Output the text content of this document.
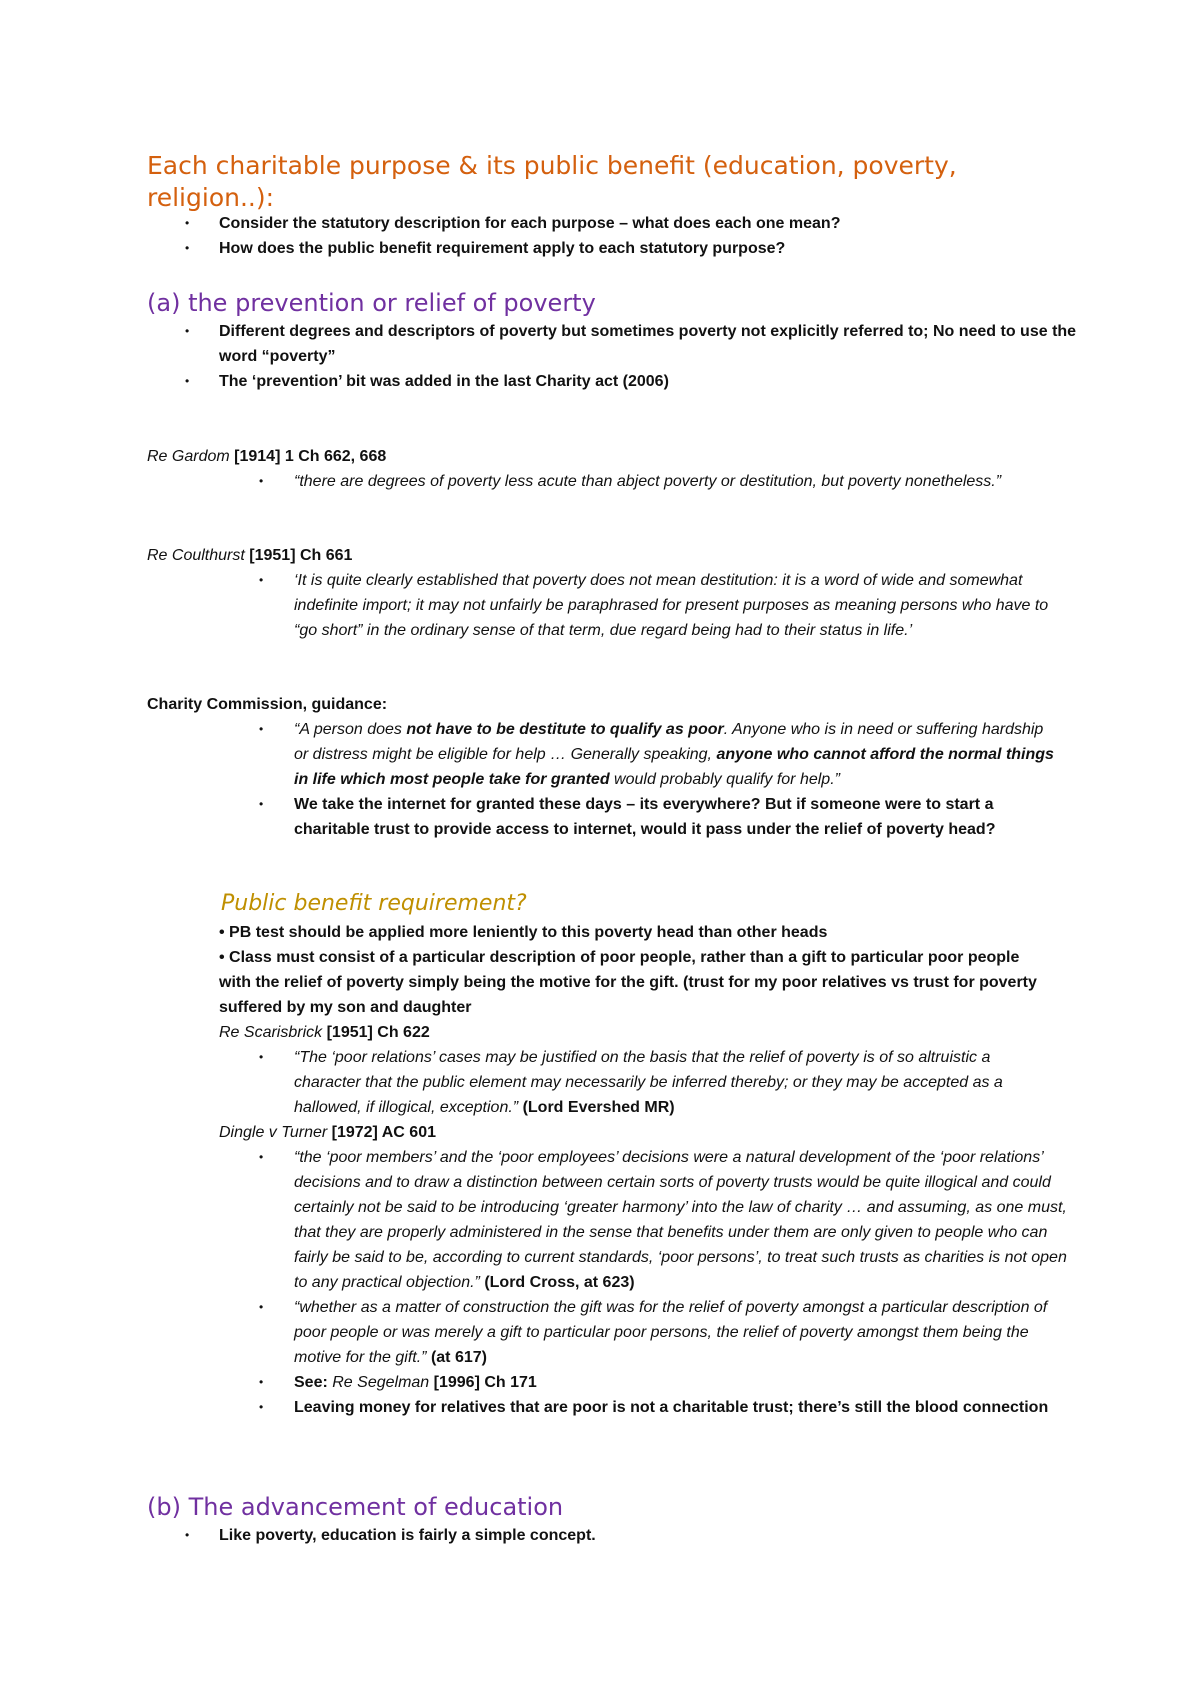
Each charitable purpose & its public benefit (education, poverty, religion..):
• Consider the statutory description for each purpose – what does each one mean?
• How does the public benefit requirement apply to each statutory purpose?
(a) the prevention or relief of poverty
• Different degrees and descriptors of poverty but sometimes poverty not explicitly referred to; No need to use the word “poverty”
• The ‘prevention’ bit was added in the last Charity act (2006)

Re Gardom [1914] 1 Ch 662, 668

• “there are degrees of poverty less acute than abject poverty or destitution, but poverty nonetheless.”

Re Coulthurst [1951] Ch 661

• ‘It is quite clearly established that poverty does not mean destitution: it is a word of wide and somewhat indefinite import; it may not unfairly be paraphrased for present purposes as meaning persons who have to “go short” in the ordinary sense of that term, due regard being had to their status in life.’

Charity Commission, guidance:

• “A person does not have to be destitute to qualify as poor. Anyone who is in need or suffering hardship or distress might be eligible for help … Generally speaking, anyone who cannot afford the normal things in life which most people take for granted would probably qualify for help.”
• We take the internet for granted these days – its everywhere? But if someone were to start a charitable trust to provide access to internet, would it pass under the relief of poverty head?
Public benefit requirement?

• PB test should be applied more leniently to this poverty head than other heads

• Class must consist of a particular description of poor people, rather than a gift to particular poor people with the relief of poverty simply being the motive for the gift. (trust for my poor relatives vs trust for poverty suffered by my son and daughter

Re Scarisbrick [1951] Ch 622

• “The ‘poor relations’ cases may be justified on the basis that the relief of poverty is of so altruistic a character that the public element may necessarily be inferred thereby; or they may be accepted as a hallowed, if illogical, exception.” (Lord Evershed MR)

Dingle v Turner [1972] AC 601

• “the ‘poor members’ and the ‘poor employees’ decisions were a natural development of the ‘poor relations’ decisions and to draw a distinction between certain sorts of poverty trusts would be quite illogical and could certainly not be said to be introducing ‘greater harmony’ into the law of charity … and assuming, as one must, that they are properly administered in the sense that benefits under them are only given to people who can fairly be said to be, according to current standards, ‘poor persons’, to treat such trusts as charities is not open to any practical objection.” (Lord Cross, at 623)
• “whether as a matter of construction the gift was for the relief of poverty amongst a particular description of poor people or was merely a gift to particular poor persons, the relief of poverty amongst them being the motive for the gift.” (at 617)
• See: Re Segelman [1996] Ch 171
• Leaving money for relatives that are poor is not a charitable trust; there’s still the blood connection
(b) The advancement of education
• Like poverty, education is fairly a simple concept.
